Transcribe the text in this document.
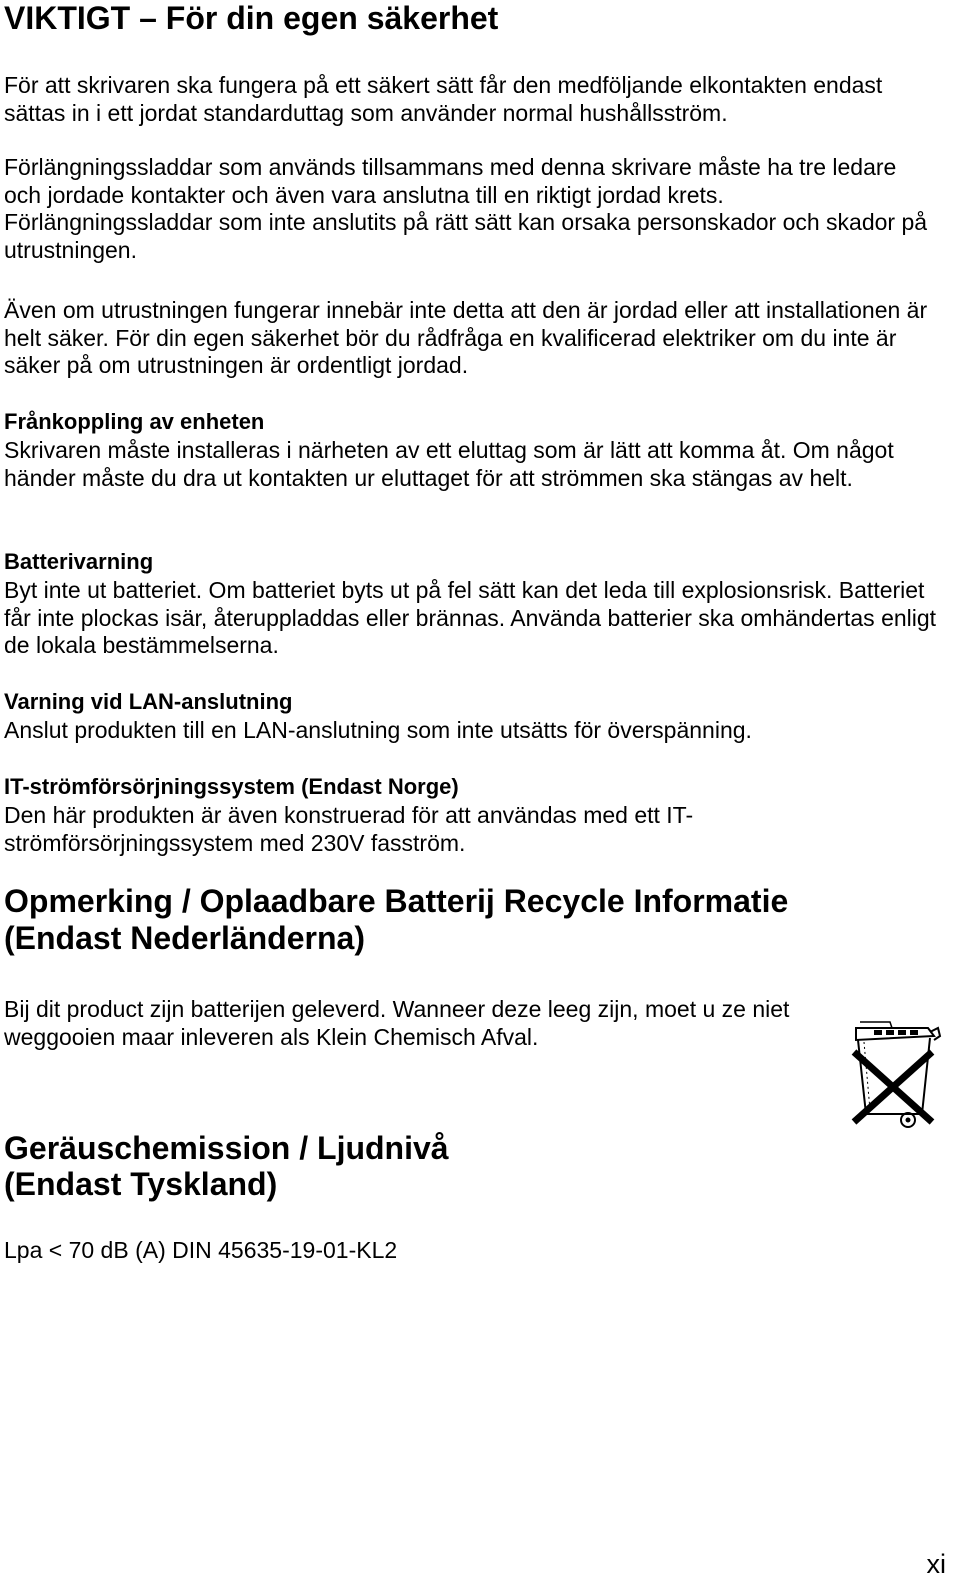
VIKTIGT – För din egen säkerhet

För att skrivaren ska fungera på ett säkert sätt får den medföljande elkontakten endast sättas in i ett jordat standarduttag som använder normal hushållsström.

Förlängningssladdar som används tillsammans med denna skrivare måste ha tre ledare och jordade kontakter och även vara anslutna till en riktigt jordad krets. Förlängningssladdar som inte anslutits på rätt sätt kan orsaka personskador och skador på utrustningen.

Även om utrustningen fungerar innebär inte detta att den är jordad eller att installationen är helt säker. För din egen säkerhet bör du rådfråga en kvalificerad elektriker om du inte är säker på om utrustningen är ordentligt jordad.

Frånkoppling av enheten

Skrivaren måste installeras i närheten av ett eluttag som är lätt att komma åt. Om något händer måste du dra ut kontakten ur eluttaget för att strömmen ska stängas av helt.

Batterivarning

Byt inte ut batteriet. Om batteriet byts ut på fel sätt kan det leda till explosionsrisk. Batteriet får inte plockas isär, återuppladdas eller brännas. Använda batterier ska omhändertas enligt de lokala bestämmelserna.

Varning vid LAN-anslutning

Anslut produkten till en LAN-anslutning som inte utsätts för överspänning.

IT-strömförsörjningssystem (Endast Norge)

Den här produkten är även konstruerad för att användas med ett IT-strömförsörjningssystem med 230V fasström.

Opmerking / Oplaadbare Batterij Recycle Informatie
(Endast Nederländerna)

Bij dit product zijn batterijen geleverd. Wanneer deze leeg zijn, moet u ze niet weggooien maar inleveren als Klein Chemisch Afval.

Geräuschemission / Ljudnivå
(Endast Tyskland)

Lpa < 70 dB (A) DIN 45635-19-01-KL2

xi
